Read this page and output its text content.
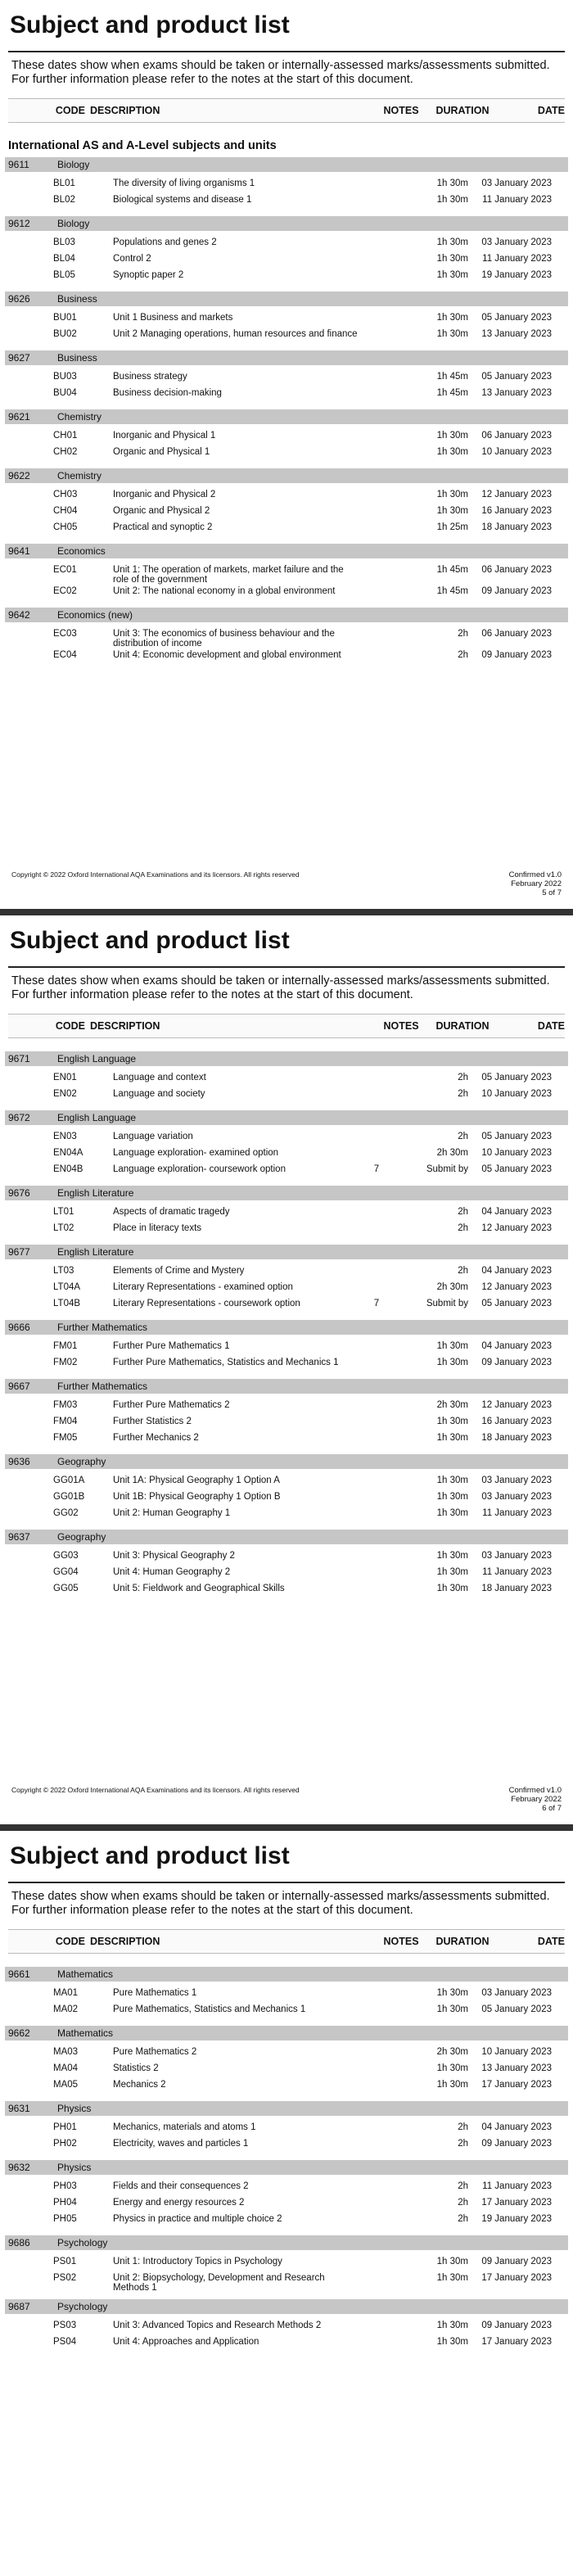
Subject and product list
These dates show when exams should be taken or internally-assessed marks/assessments submitted. For further information please refer to the notes at the start of this document.
CODE DESCRIPTION	NOTES	DURATION	DATE
International AS and A-Level subjects and units
9611	Biology
BL01	The diversity of living organisms 1	1h 30m	03 January 2023
BL02	Biological systems and disease 1	1h 30m	11 January 2023
9612	Biology
BL03	Populations and genes 2	1h 30m	03 January 2023
BL04	Control 2	1h 30m	11 January 2023
BL05	Synoptic paper 2	1h 30m	19 January 2023
9626	Business
BU01	Unit 1 Business and markets	1h 30m	05 January 2023
BU02	Unit 2 Managing operations, human resources and finance	1h 30m	13 January 2023
9627	Business
BU03	Business strategy	1h 45m	05 January 2023
BU04	Business decision-making	1h 45m	13 January 2023
9621	Chemistry
CH01	Inorganic and Physical 1	1h 30m	06 January 2023
CH02	Organic and Physical 1	1h 30m	10 January 2023
9622	Chemistry
CH03	Inorganic and Physical 2	1h 30m	12 January 2023
CH04	Organic and Physical 2	1h 30m	16 January 2023
CH05	Practical and synoptic 2	1h 25m	18 January 2023
9641	Economics
EC01	Unit 1: The operation of markets, market failure and the role of the government
1h 45m	06 January 2023
EC02	Unit 2: The national economy in a global environment	1h 45m	09 January 2023
9642	Economics (new)
EC03	Unit 3: The economics of business behaviour and the distribution of income
2h	06 January 2023
EC04	Unit 4: Economic development and global environment	2h	09 January 2023
Copyright © 2022 Oxford International AQA Examinations and its licensors. All rights reserved	Confirmed v1.0
February 2022
5 of 7
Subject and product list
These dates show when exams should be taken or internally-assessed marks/assessments submitted. For further information please refer to the notes at the start of this document.
CODE DESCRIPTION	NOTES	DURATION	DATE
9671	English Language
EN01	Language and context	2h	05 January 2023
EN02	Language and society	2h	10 January 2023
9672	English Language
EN03	Language variation	2h	05 January 2023
EN04A	Language exploration- examined option	2h 30m	10 January 2023
EN04B	Language exploration- coursework option	7	Submit by	05 January 2023
9676	English Literature
LT01	Aspects of dramatic tragedy	2h	04 January 2023
LT02	Place in literacy texts	2h	12 January 2023
9677	English Literature
LT03	Elements of Crime and Mystery	2h	04 January 2023
LT04A	Literary Representations - examined option	2h 30m	12 January 2023
LT04B	Literary Representations - coursework option	7	Submit by	05 January 2023
9666	Further Mathematics
FM01	Further Pure Mathematics 1	1h 30m	04 January 2023
FM02	Further Pure Mathematics, Statistics and Mechanics 1	1h 30m	09 January 2023
9667	Further Mathematics
FM03	Further Pure Mathematics 2	2h 30m	12 January 2023
FM04	Further Statistics 2	1h 30m	16 January 2023
FM05	Further Mechanics 2	1h 30m	18 January 2023
9636	Geography
GG01A	Unit 1A: Physical Geography 1 Option A	1h 30m	03 January 2023
GG01B	Unit 1B: Physical Geography 1 Option B	1h 30m	03 January 2023
GG02	Unit 2: Human Geography 1	1h 30m	11 January 2023
9637	Geography
GG03	Unit 3: Physical Geography 2	1h 30m	03 January 2023
GG04	Unit 4: Human Geography 2	1h 30m	11 January 2023
GG05	Unit 5: Fieldwork and Geographical Skills	1h 30m	18 January 2023
Copyright © 2022 Oxford International AQA Examinations and its licensors. All rights reserved	Confirmed v1.0
February 2022
6 of 7
Subject and product list
These dates show when exams should be taken or internally-assessed marks/assessments submitted. For further information please refer to the notes at the start of this document.
CODE DESCRIPTION	NOTES	DURATION	DATE
9661	Mathematics
MA01	Pure Mathematics 1	1h 30m	03 January 2023
MA02	Pure Mathematics, Statistics and Mechanics 1	1h 30m	05 January 2023
9662	Mathematics
MA03	Pure Mathematics 2	2h 30m	10 January 2023
MA04	Statistics 2	1h 30m	13 January 2023
MA05	Mechanics 2	1h 30m	17 January 2023
9631	Physics
PH01	Mechanics, materials and atoms 1	2h	04 January 2023
PH02	Electricity, waves and particles 1	2h	09 January 2023
9632	Physics
PH03	Fields and their consequences 2	2h	11 January 2023
PH04	Energy and energy resources 2	2h	17 January 2023
PH05	Physics in practice and multiple choice 2	2h	19 January 2023
9686	Psychology
PS01	Unit 1: Introductory Topics in Psychology	1h 30m	09 January 2023
PS02	Unit 2: Biopsychology, Development and Research Methods 1
1h 30m	17 January 2023
9687	Psychology
PS03	Unit 3: Advanced Topics and Research Methods 2	1h 30m	09 January 2023
PS04	Unit 4: Approaches and Application	1h 30m	17 January 2023
